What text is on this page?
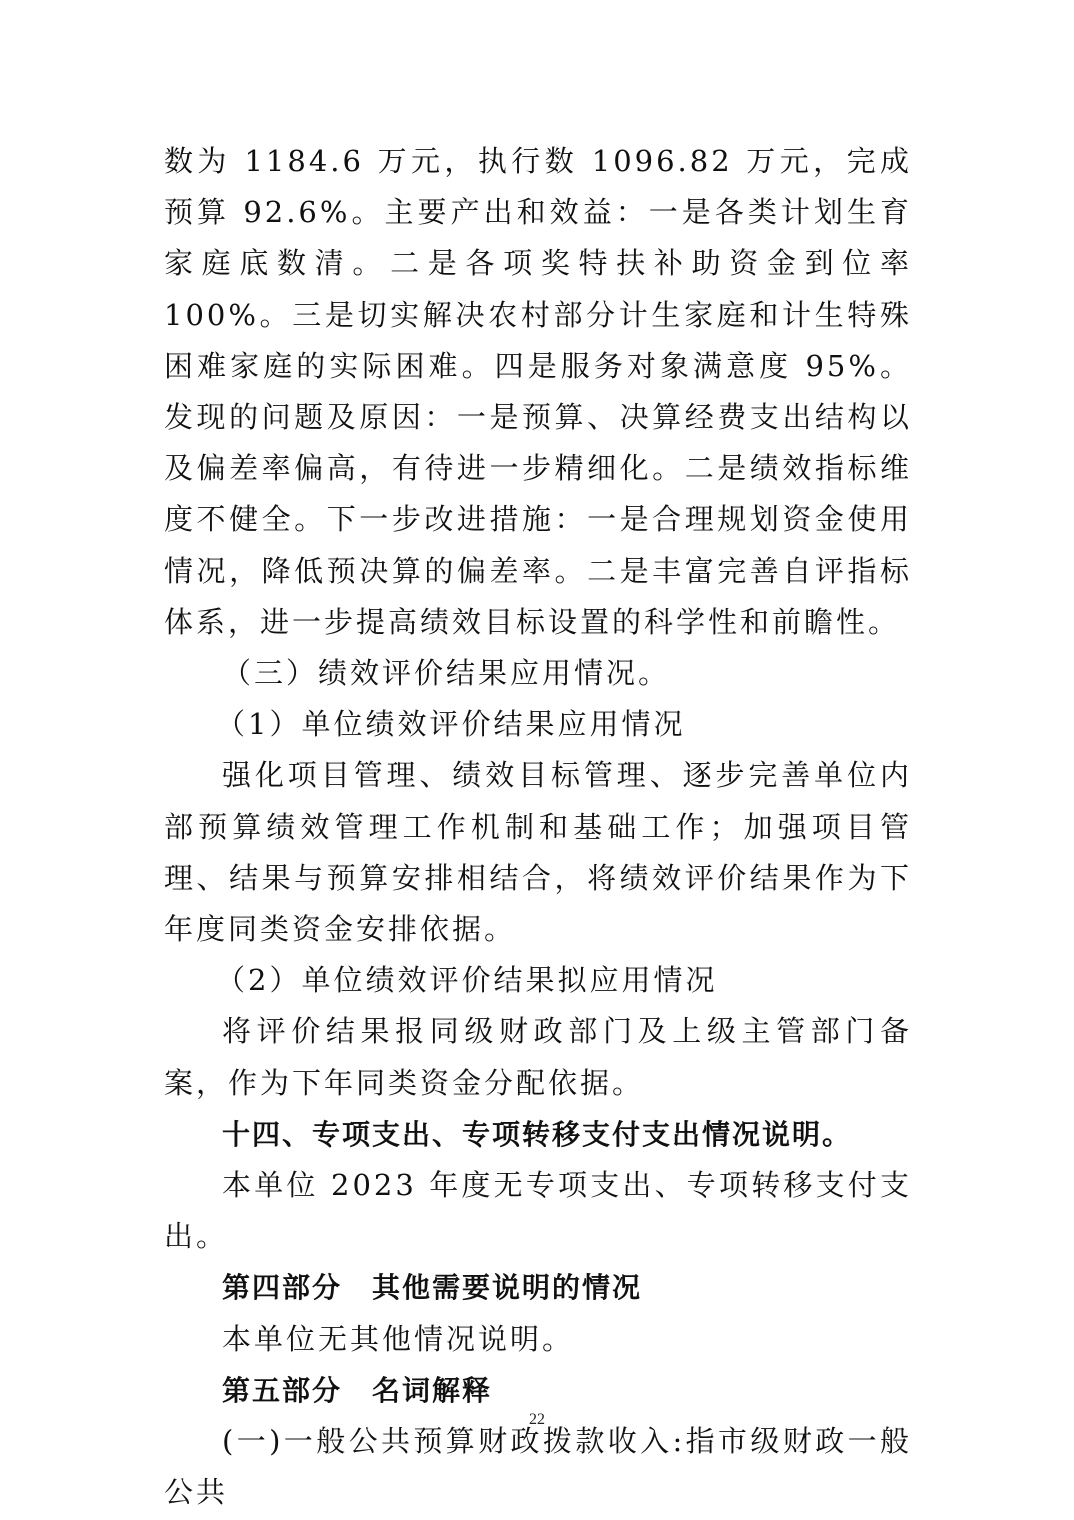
数为 1184.6 万元，执行数 1096.82 万元，完成预算 92.6%。主要产出和效益：一是各类计划生育家庭底数清。二是各项奖特扶补助资金到位率 100%。三是切实解决农村部分计生家庭和计生特殊困难家庭的实际困难。四是服务对象满意度 95%。发现的问题及原因：一是预算、决算经费支出结构以及偏差率偏高，有待进一步精细化。二是绩效指标维度不健全。下一步改进措施：一是合理规划资金使用情况，降低预决算的偏差率。二是丰富完善自评指标体系，进一步提高绩效目标设置的科学性和前瞻性。

（三）绩效评价结果应用情况。

（1）单位绩效评价结果应用情况

强化项目管理、绩效目标管理、逐步完善单位内部预算绩效管理工作机制和基础工作；加强项目管理、结果与预算安排相结合，将绩效评价结果作为下年度同类资金安排依据。

（2）单位绩效评价结果拟应用情况

将评价结果报同级财政部门及上级主管部门备案，作为下年同类资金分配依据。

十四、专项支出、专项转移支付支出情况说明。

本单位 2023 年度无专项支出、专项转移支付支出。

第四部分　其他需要说明的情况

本单位无其他情况说明。

第五部分　名词解释

(一)一般公共预算财政拨款收入:指市级财政一般公共

22
